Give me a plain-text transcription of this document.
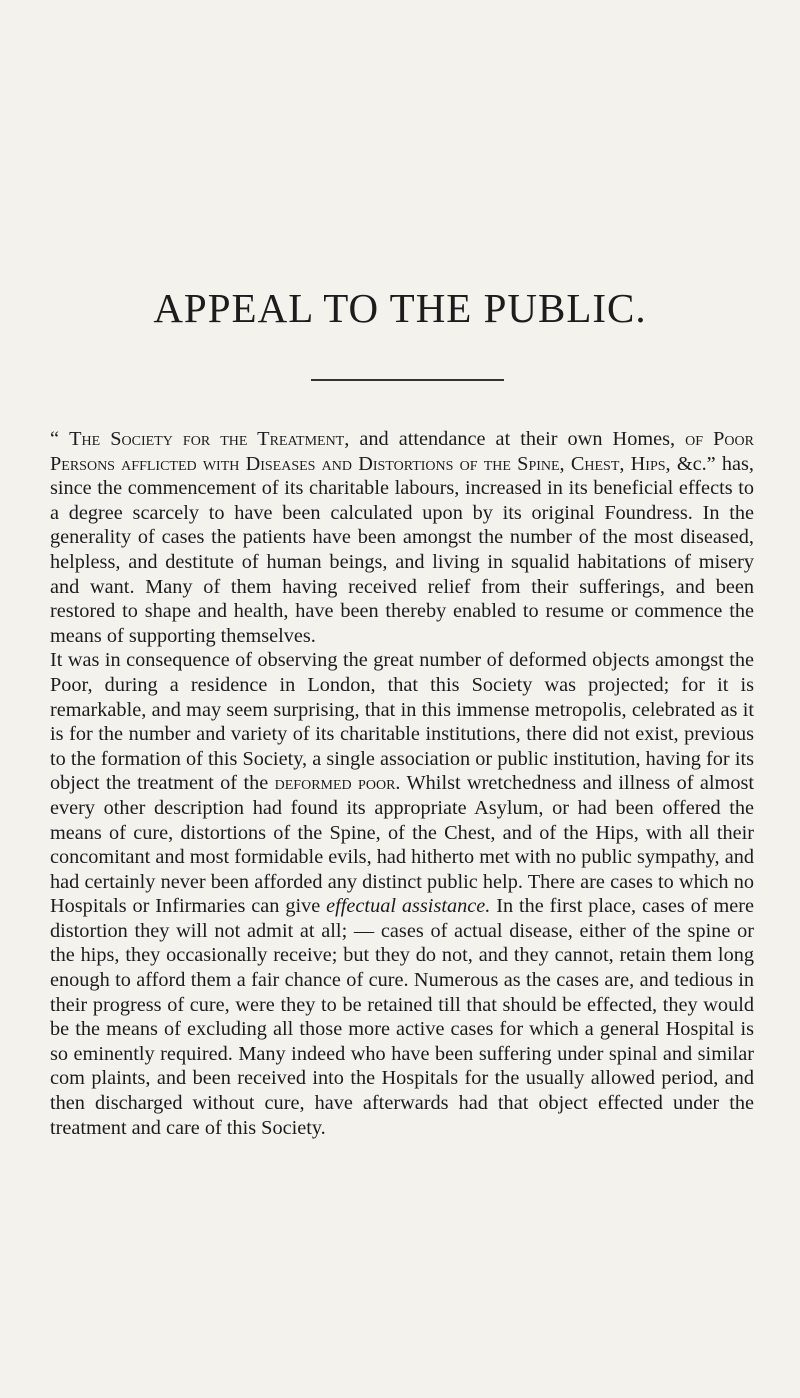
APPEAL TO THE PUBLIC.

“ The Society for the Treatment, and attendance at their own Homes, of Poor Persons afflicted with Diseases and Distortions of the Spine, Chest, Hips, &c.” has, since the commencement of its charitable labours, increased in its beneficial effects to a degree scarcely to have been calculated upon by its original Foundress. In the generality of cases the patients have been amongst the number of the most diseased, helpless, and destitute of human beings, and living in squalid habitations of misery and want. Many of them having received relief from their sufferings, and been restored to shape and health, have been thereby enabled to resume or commence the means of supporting themselves.

It was in consequence of observing the great number of deformed objects amongst the Poor, during a residence in London, that this Society was projected; for it is remarkable, and may seem surprising, that in this immense metropolis, celebrated as it is for the number and variety of its charitable institutions, there did not exist, previous to the formation of this Society, a single association or public institution, having for its object the treatment of the deformed poor. Whilst wretchedness and illness of almost every other description had found its appropriate Asylum, or had been offered the means of cure, distortions of the Spine, of the Chest, and of the Hips, with all their concomitant and most formidable evils, had hitherto met with no public sympathy, and had certainly never been afforded any distinct public help. There are cases to which no Hospitals or Infirmaries can give effectual assistance. In the first place, cases of mere distortion they will not admit at all; — cases of actual disease, either of the spine or the hips, they occasionally receive; but they do not, and they cannot, retain them long enough to afford them a fair chance of cure. Numerous as the cases are, and tedious in their progress of cure, were they to be retained till that should be effected, they would be the means of excluding all those more active cases for which a general Hospital is so eminently required. Many indeed who have been suffering under spinal and similar com plaints, and been received into the Hospitals for the usually allowed period, and then discharged without cure, have afterwards had that object effected under the treatment and care of this Society.
